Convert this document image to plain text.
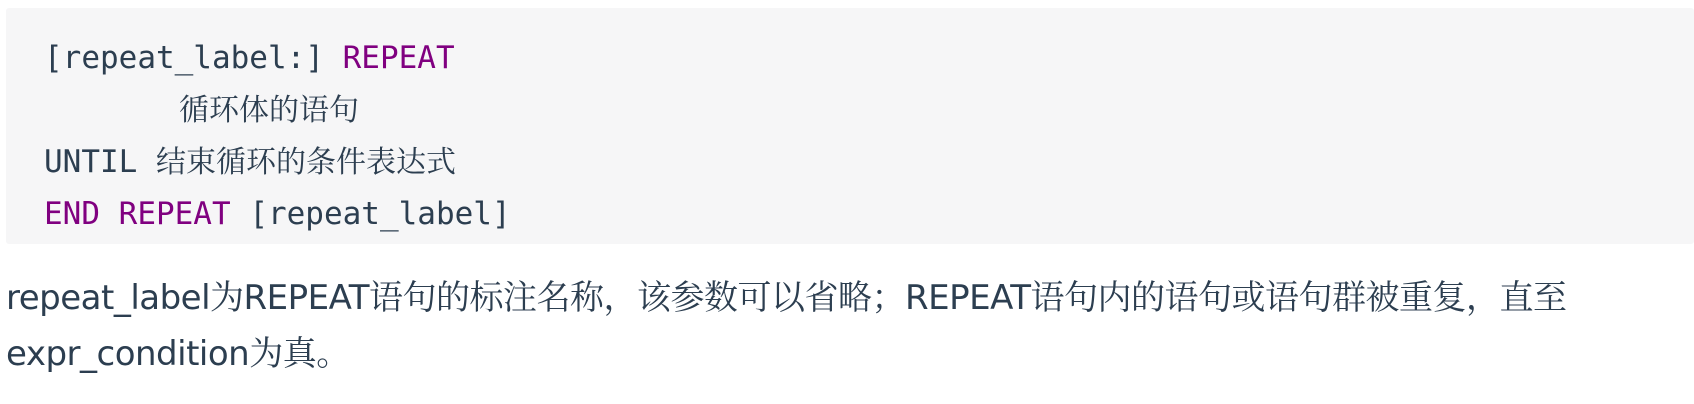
[repeat_label:] REPEAT
循环体的语句
UNTIL 结束循环的条件表达式
END REPEAT [repeat_label]

repeat_label为REPEAT语句的标注名称，该参数可以省略；REPEAT语句内的语句或语句群被重复，直至expr_condition为真。
